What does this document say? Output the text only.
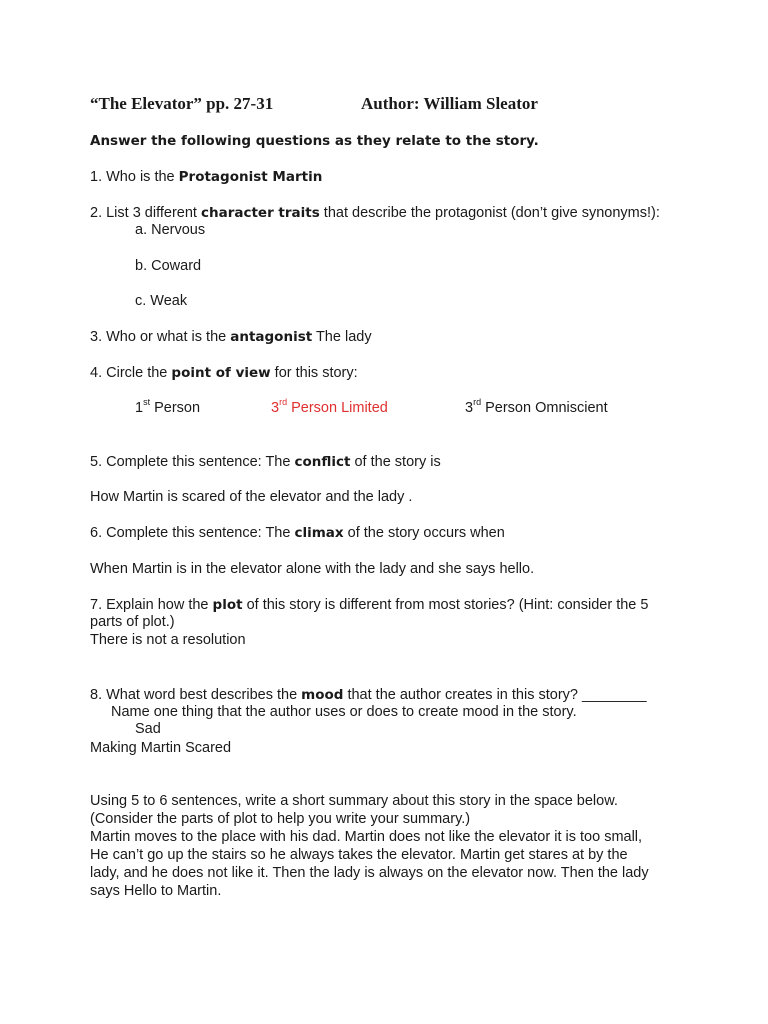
“The Elevator” pp. 27-31	Author: William Sleator
Answer the following questions as they relate to the story.
1. Who is the Protagonist Martin
2. List 3 different character traits that describe the protagonist (don’t give synonyms!):
a. Nervous
b. Coward
c. Weak
3. Who or what is the antagonist The lady
4. Circle the point of view for this story:
1st Person	3rd Person Limited	3rd Person Omniscient
5. Complete this sentence: The conflict of the story is
How Martin is scared of the elevator and the lady .
6. Complete this sentence: The climax of the story occurs when
When Martin is in the elevator alone with the lady and she says hello.
7. Explain how the plot of this story is different from most stories? (Hint: consider the 5
parts of plot.)
There is not a resolution
8. What word best describes the mood that the author creates in this story? ________
Name one thing that the author uses or does to create mood in the story.
Sad
Making Martin Scared
Using 5 to 6 sentences, write a short summary about this story in the space below.
(Consider the parts of plot to help you write your summary.)
Martin moves to the place with his dad. Martin does not like the elevator it is too small,
He can’t go up the stairs so he always takes the elevator. Martin get stares at by the
lady, and he does not like it. Then the lady is always on the elevator now. Then the lady
says Hello to Martin.
